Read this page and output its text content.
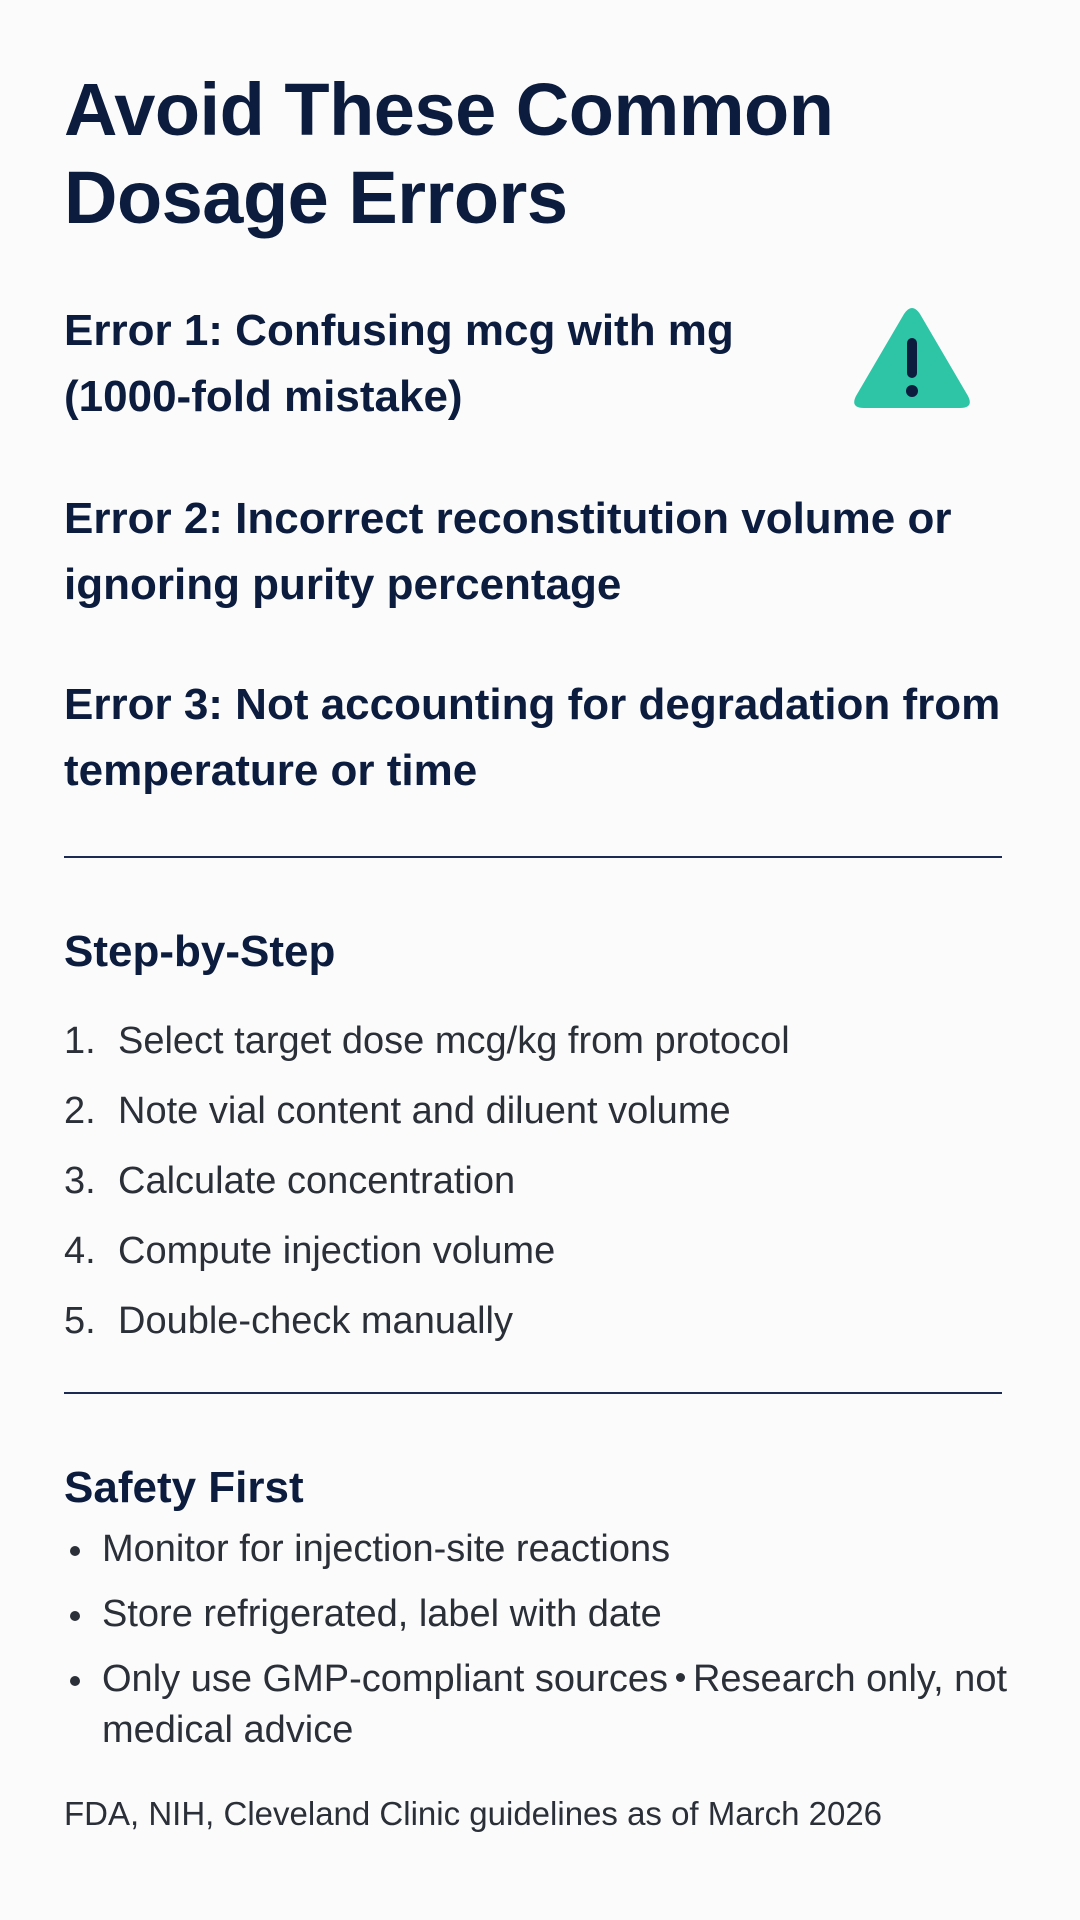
Avoid These Common Dosage Errors

Error 1: Confusing mcg with mg (1000-fold mistake)

Error 2: Incorrect reconstitution volume or ignoring purity percentage

Error 3: Not accounting for degradation from temperature or time

Step-by-Step
1. Select target dose mcg/kg from protocol
2. Note vial content and diluent volume
3. Calculate concentration
4. Compute injection volume
5. Double-check manually
Safety First
Monitor for injection-site reactions
Store refrigerated, label with date
Only use GMP-compliant sources Research only, not medical advice

FDA, NIH, Cleveland Clinic guidelines as of March 2026
